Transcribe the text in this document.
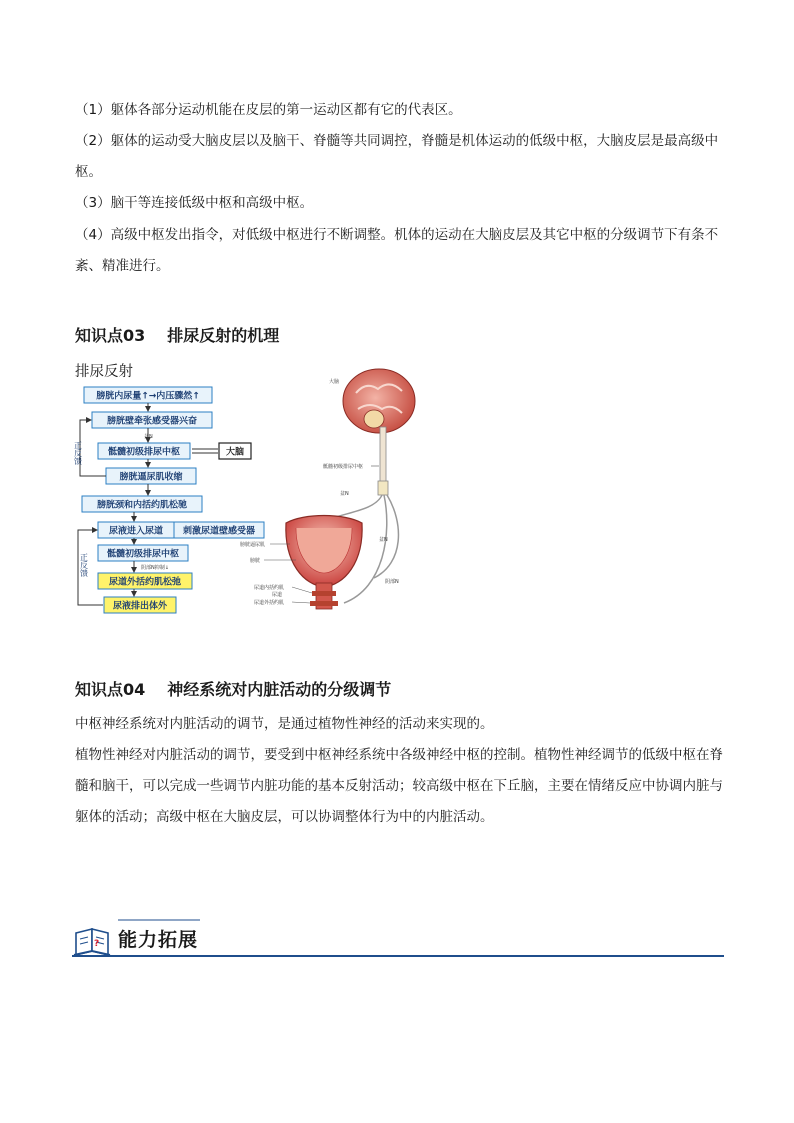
（1）躯体各部分运动机能在皮层的第一运动区都有它的代表区。

（2）躯体的运动受大脑皮层以及脑干、脊髓等共同调控，脊髓是机体运动的低级中枢，大脑皮层是最高级中枢。

（3）脑干等连接低级中枢和高级中枢。

（4）高级中枢发出指令，对低级中枢进行不断调整。机体的运动在大脑皮层及其它中枢的分级调节下有条不紊、精准进行。

知识点03 排尿反射的机理

排尿反射

膀胱内尿量↑→内压骤然↑
膀胱壁牵张感受器兴奋
盆N
骶髓初级排尿中枢	大脑
膀胱逼尿肌收缩
膀胱颈和内括约肌松驰
尿液进入尿道 刺激尿道壁感受器
骶髓初级排尿中枢
阴部N抑制↓
尿道外括约肌松弛
尿液排出体外
正反馈
正反馈
大脑
骶髓初级排尿中枢
盆N
盆N
阴部N
膀胱逼尿肌
膀胱
尿道内括约肌
尿道
尿道外括约肌
知识点04 神经系统对内脏活动的分级调节

中枢神经系统对内脏活动的调节，是通过植物性神经的活动来实现的。

植物性神经对内脏活动的调节，要受到中枢神经系统中各级神经中枢的控制。植物性神经调节的低级中枢在脊髓和脑干，可以完成一些调节内脏功能的基本反射活动；较高级中枢在下丘脑，主要在情绪反应中协调内脏与躯体的活动；高级中枢在大脑皮层，可以协调整体行为中的内脏活动。

? 能力拓展
